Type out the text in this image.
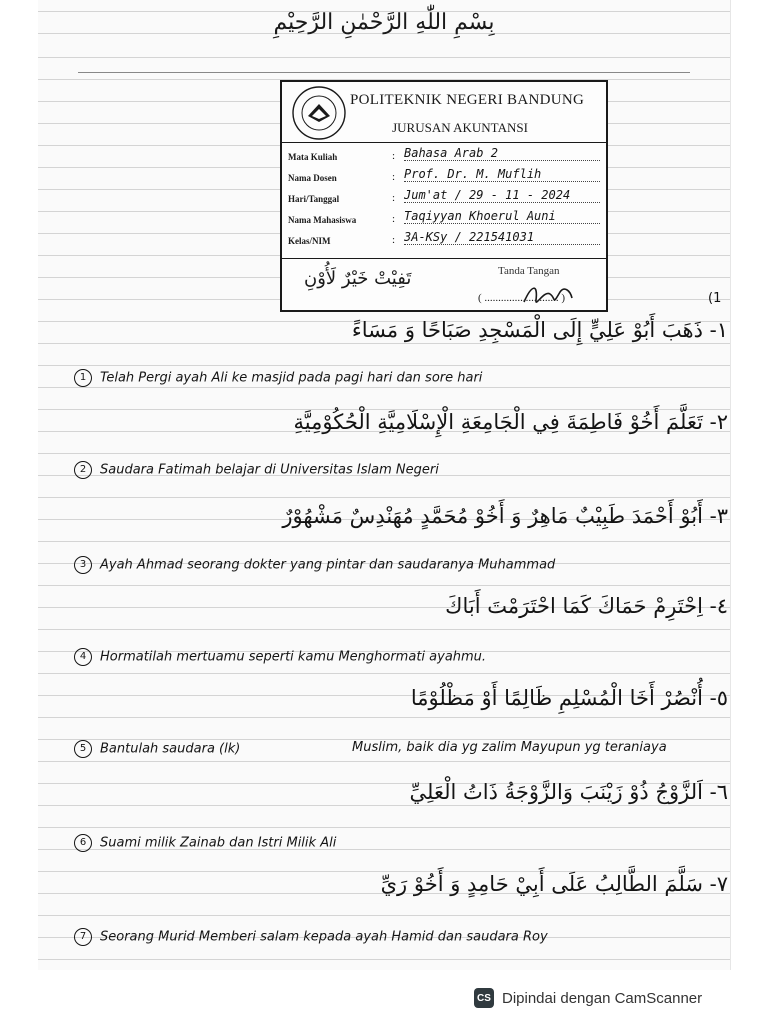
بِسْمِ اللّٰهِ الرَّحْمٰنِ الرَّحِيْمِ
POLITEKNIK NEGERI BANDUNG
JURUSAN AKUNTANSI
Mata Kuliah	: Bahasa Arab 2
Nama Dosen	: Prof. Dr. M. Muflih
Hari/Tanggal	: Jum'at / 29 - 11 - 2024
Nama Mahasiswa	: Taqiyyan Khoerul Auni
Kelas/NIM	: 3A-KSy / 221541031
تَفِيْتْ خَيْرٌ لَأُوْنِ	Tanda Tangan
( ........................... )	(1
١- ذَهَبَ أَبُوْ عَلِيٍّ إِلَى الْمَسْجِدِ صَبَاحًا وَ مَسَاءً
1 Telah Pergi ayah Ali ke masjid pada pagi hari dan sore hari
٢- تَعَلَّمَ أَخُوْ فَاطِمَةَ فِي الْجَامِعَةِ الْإِسْلَامِيَّةِ الْحُكُوْمِيَّةِ
2 Saudara Fatimah belajar di Universitas Islam Negeri
٣- أَبُوْ أَحْمَدَ طَبِيْبٌ مَاهِرٌ وَ أَخُوْ مُحَمَّدٍ مُهَنْدِسٌ مَشْهُوْرٌ
3 Ayah Ahmad seorang dokter yang pintar dan saudaranya Muhammad
٤- اِحْتَرِمْ حَمَاكَ كَمَا احْتَرَمْتَ أَبَاكَ
4 Hormatilah mertuamu seperti kamu Menghormati ayahmu.
٥- أُنْصُرْ أَخَا الْمُسْلِمِ ظَالِمًا أَوْ مَظْلُوْمًا
5 Bantulah saudara (lk)	Muslim, baik dia yg zalim Mayupun yg teraniaya
٦- اَلزَّوْجُ ذُوْ زَيْنَبَ وَالزَّوْجَةُ ذَاتُ الْعَلِيِّ
6 Suami milik Zainab dan Istri Milik Ali
٧- سَلَّمَ الطَّالِبُ عَلَى أَبِيْ حَامِدٍ وَ أَخُوْ رَيِّ
7 Seorang Murid Memberi salam kepada ayah Hamid dan saudara Roy
CS Dipindai dengan CamScanner
